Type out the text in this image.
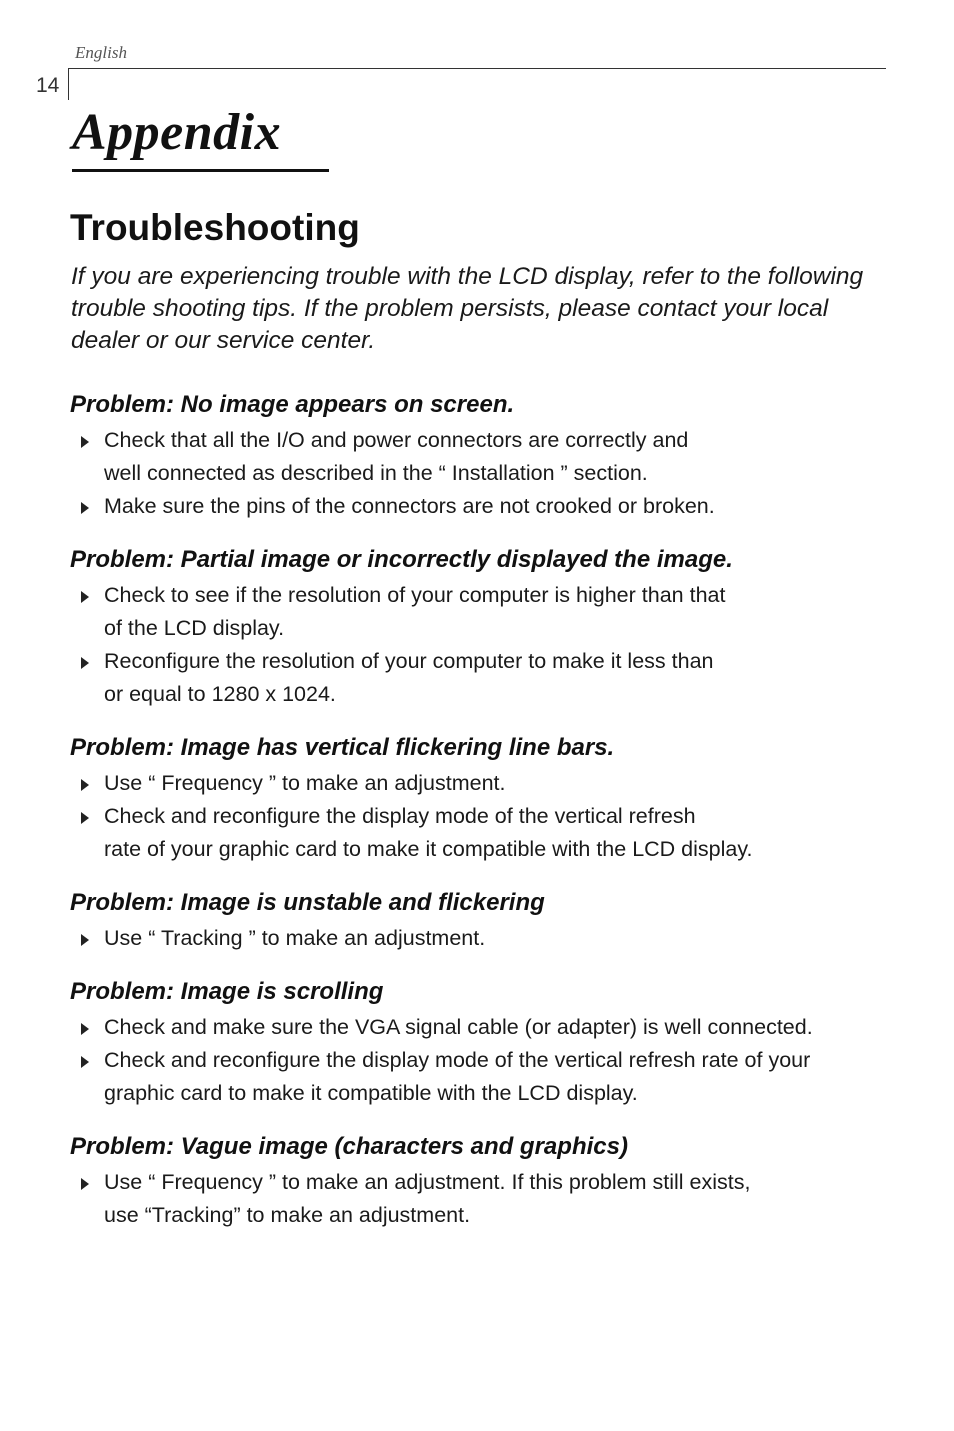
English
14
Appendix
Troubleshooting
If you are experiencing trouble with the LCD display, refer to the following trouble shooting tips. If the problem persists, please contact your local dealer or our service center.
Problem: No image appears on screen.
Check that all the I/O and power connectors are correctly and
well connected as described in the “ Installation ” section.
Make sure the pins of the connectors are not crooked or broken.
Problem: Partial image or incorrectly displayed the image.
Check to see if the resolution of your computer is higher than that
of the LCD display.
Reconfigure the resolution of your computer to make it less than
or equal to 1280 x 1024.
Problem: Image has vertical flickering line bars.
Use “ Frequency ” to make an adjustment.
Check and reconfigure the display mode of the vertical refresh
rate of your graphic card to make it compatible with the LCD display.
Problem: Image is unstable and flickering
Use “ Tracking ” to make an adjustment.
Problem: Image is scrolling
Check and make sure the VGA signal cable (or adapter) is well connected.
Check and reconfigure the display mode of the vertical refresh rate of your
graphic card to make it compatible with the LCD display.
Problem: Vague image (characters and graphics)
Use “ Frequency ” to make an adjustment. If this problem still exists,
use “Tracking” to make an adjustment.
